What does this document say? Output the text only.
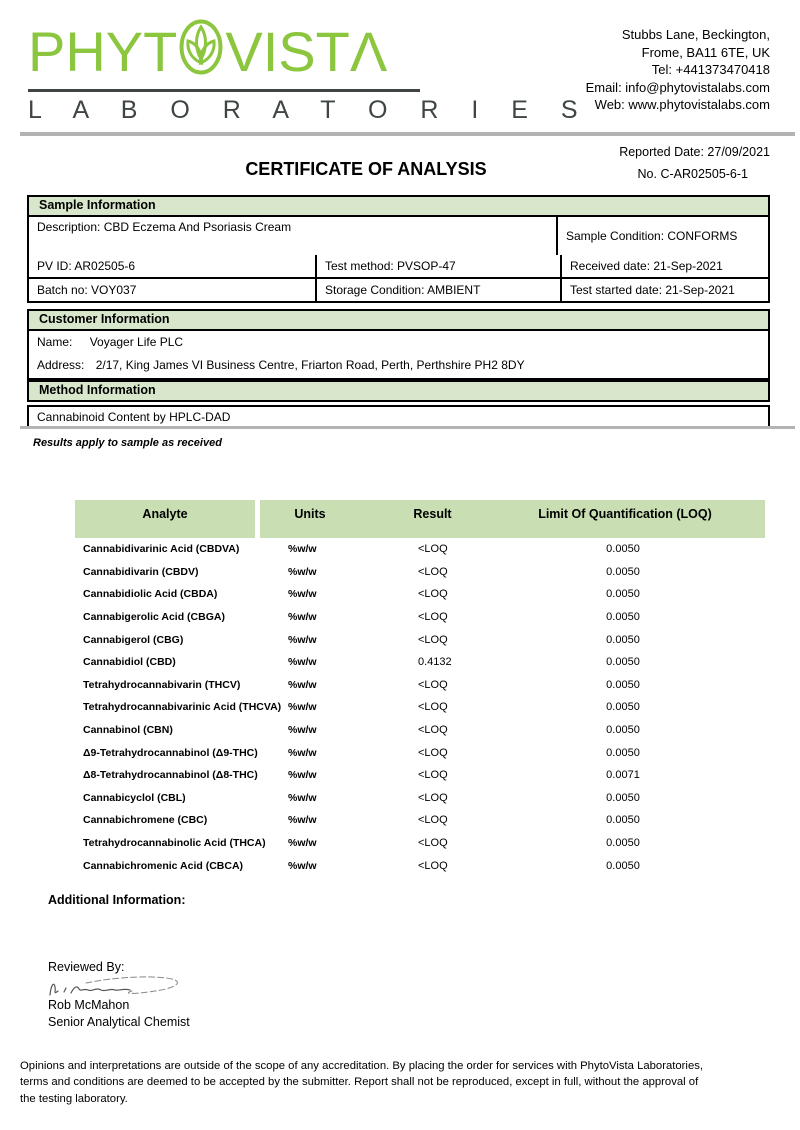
PHYT VISTΛ
L A B O R A T O R I E S
Stubbs Lane, Beckington,
Frome, BA11 6TE, UK
Tel: +441373470418
Email: info@phytovistalabs.com
Web: www.phytovistalabs.com
CERTIFICATE OF ANALYSIS
Reported Date: 27/09/2021
No. C-AR02505-6-1
Sample Information
Description: CBD Eczema And Psoriasis Cream
Sample Condition: CONFORMS
PV ID: AR02505-6	Test method: PVSOP-47	Received date: 21-Sep-2021
Batch no: VOY037	Storage Condition: AMBIENT	Test started date: 21-Sep-2021
Customer Information
Name: Voyager Life PLC
Address: 2/17, King James VI Business Centre, Friarton Road, Perth, Perthshire PH2 8DY
Method Information
Cannabinoid Content by HPLC-DAD
Results apply to sample as received
Analyte	Units	Result	Limit Of Quantification (LOQ)
Cannabidivarinic Acid (CBDVA)	%w/w	<LOQ	0.0050
Cannabidivarin (CBDV)	%w/w	<LOQ	0.0050
Cannabidiolic Acid (CBDA)	%w/w	<LOQ	0.0050
Cannabigerolic Acid (CBGA)	%w/w	<LOQ	0.0050
Cannabigerol (CBG)	%w/w	<LOQ	0.0050
Cannabidiol (CBD)	%w/w	0.4132	0.0050
Tetrahydrocannabivarin (THCV)	%w/w	<LOQ	0.0050
Tetrahydrocannabivarinic Acid (THCVA) %w/w	<LOQ	0.0050
Cannabinol (CBN)	%w/w	<LOQ	0.0050
Δ9-Tetrahydrocannabinol (Δ9-THC)	%w/w	<LOQ	0.0050
Δ8-Tetrahydrocannabinol (Δ8-THC)	%w/w	<LOQ	0.0071
Cannabicyclol (CBL)	%w/w	<LOQ	0.0050
Cannabichromene (CBC)	%w/w	<LOQ	0.0050
Tetrahydrocannabinolic Acid (THCA)	%w/w	<LOQ	0.0050
Cannabichromenic Acid (CBCA)	%w/w	<LOQ	0.0050
Additional Information:
Reviewed By:
Rob McMahon
Senior Analytical Chemist
Opinions and interpretations are outside of the scope of any accreditation. By placing the order for services with PhytoVista Laboratories, terms and conditions are deemed to be accepted by the submitter. Report shall not be reproduced, except in full, without the approval of the testing laboratory.
